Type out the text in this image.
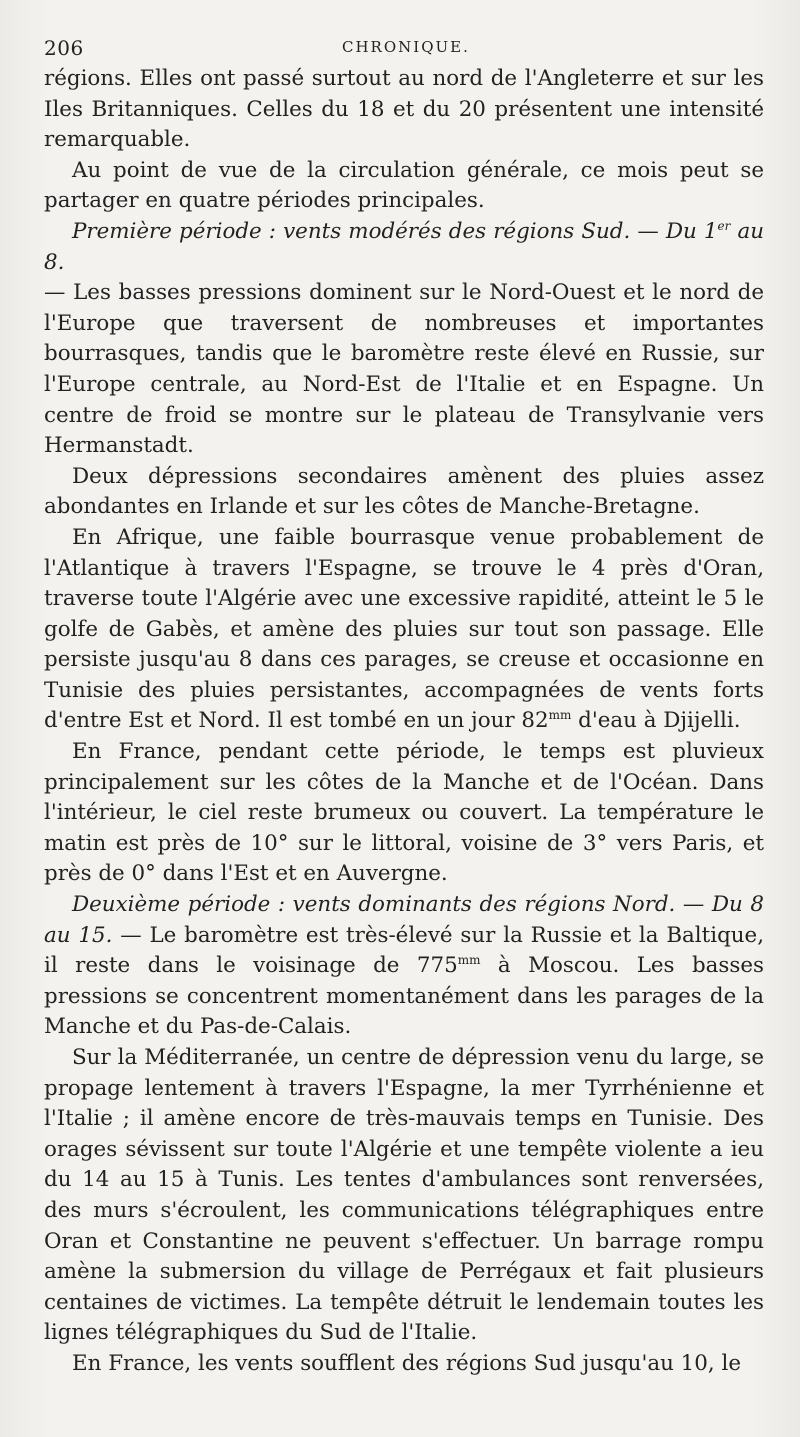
206	CHRONIQUE.

régions. Elles ont passé surtout au nord de l'Angleterre et sur les Iles Britanniques. Celles du 18 et du 20 présentent une intensité remarquable.

Au point de vue de la circulation générale, ce mois peut se partager en quatre périodes principales.

Première période : vents modérés des régions Sud. — Du 1er au 8.

— Les basses pressions dominent sur le Nord-Ouest et le nord de l'Europe que traversent de nombreuses et importantes bourrasques, tandis que le baromètre reste élevé en Russie, sur l'Europe centrale, au Nord-Est de l'Italie et en Espagne. Un centre de froid se montre sur le plateau de Transylvanie vers Hermanstadt.

Deux dépressions secondaires amènent des pluies assez abondantes en Irlande et sur les côtes de Manche-Bretagne.

En Afrique, une faible bourrasque venue probablement de l'Atlantique à travers l'Espagne, se trouve le 4 près d'Oran, traverse toute l'Algérie avec une excessive rapidité, atteint le 5 le golfe de Gabès, et amène des pluies sur tout son passage. Elle persiste jusqu'au 8 dans ces parages, se creuse et occasionne en Tunisie des pluies persistantes, accompagnées de vents forts d'entre Est et Nord. Il est tombé en un jour $82^{mm}$ d'eau à Djijelli.

En France, pendant cette période, le temps est pluvieux principalement sur les côtes de la Manche et de l'Océan. Dans l'intérieur, le ciel reste brumeux ou couvert. La température le matin est près de 10° sur le littoral, voisine de 3° vers Paris, et près de 0° dans l'Est et en Auvergne.

Deuxième période : vents dominants des régions Nord. — Du 8 au 15. — Le baromètre est très-élevé sur la Russie et la Baltique, il reste dans le voisinage de $775^{mm}$ à Moscou. Les basses pressions se concentrent momentanément dans les parages de la Manche et du Pas-de-Calais.

Sur la Méditerranée, un centre de dépression venu du large, se propage lentement à travers l'Espagne, la mer Tyrrhénienne et l'Italie ; il amène encore de très-mauvais temps en Tunisie. Des orages sévissent sur toute l'Algérie et une tempête violente a ieu du 14 au 15 à Tunis. Les tentes d'ambulances sont renversées, des murs s'écroulent, les communications télégraphiques entre Oran et Constantine ne peuvent s'effectuer. Un barrage rompu amène la submersion du village de Perrégaux et fait plusieurs centaines de victimes. La tempête détruit le lendemain toutes les lignes télégraphiques du Sud de l'Italie.

En France, les vents soufflent des régions Sud jusqu'au 10, le
